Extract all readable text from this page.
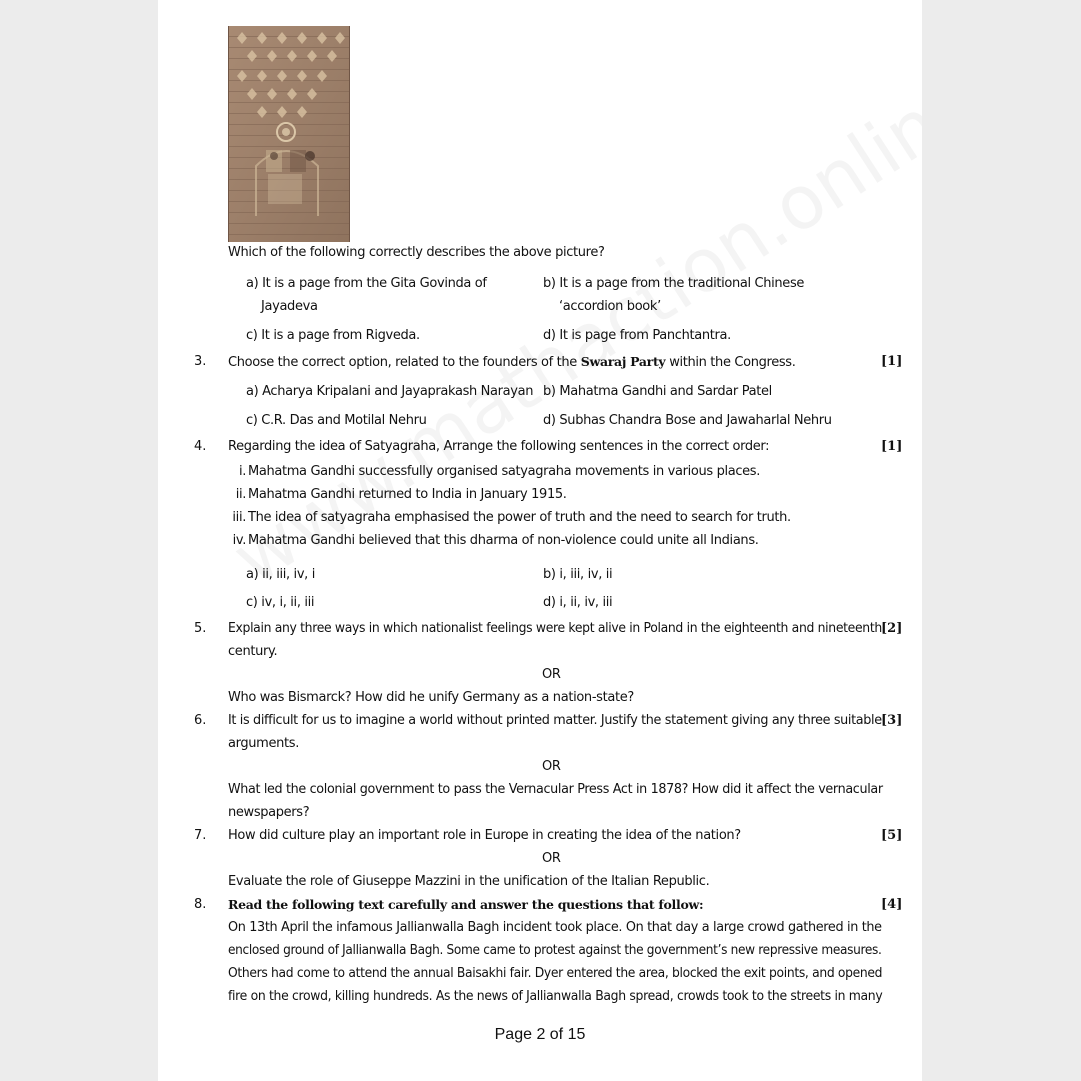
Which of the following correctly describes the above picture?
a) It is a page from the Gita Govinda of
Jayadeva
b) It is a page from the traditional Chinese
‘accordion book’
c) It is a page from Rigveda.	d) It is page from Panchtantra.
3. Choose the correct option, related to the founders of the Swaraj Party within the Congress.	[1]
a) Acharya Kripalani and Jayaprakash Narayan b) Mahatma Gandhi and Sardar Patel
c) C.R. Das and Motilal Nehru	d) Subhas Chandra Bose and Jawaharlal Nehru
4. Regarding the idea of Satyagraha, Arrange the following sentences in the correct order:	[1]
i. Mahatma Gandhi successfully organised satyagraha movements in various places.
ii. Mahatma Gandhi returned to India in January 1915.
iii. The idea of satyagraha emphasised the power of truth and the need to search for truth.
iv. Mahatma Gandhi believed that this dharma of non-violence could unite all Indians.
a) ii, iii, iv, i	b) i, iii, iv, ii
c) iv, i, ii, iii	d) i, ii, iv, iii
5. Explain any three ways in which nationalist feelings were kept alive in Poland in the eighteenth and nineteenth [2]
century.
OR
Who was Bismarck? How did he unify Germany as a nation-state?
6. It is difficult for us to imagine a world without printed matter. Justify the statement giving any three suitable [3]
arguments.
OR
What led the colonial government to pass the Vernacular Press Act in 1878? How did it affect the vernacular
newspapers?
7. How did culture play an important role in Europe in creating the idea of the nation?	[5]
OR
Evaluate the role of Giuseppe Mazzini in the unification of the Italian Republic.
8. Read the following text carefully and answer the questions that follow:	[4]
On 13th April the infamous Jallianwalla Bagh incident took place. On that day a large crowd gathered in the
enclosed ground of Jallianwalla Bagh. Some came to protest against the government’s new repressive measures.
Others had come to attend the annual Baisakhi fair. Dyer entered the area, blocked the exit points, and opened
fire on the crowd, killing hundreds. As the news of Jallianwalla Bagh spread, crowds took to the streets in many
Page 2 of 15
